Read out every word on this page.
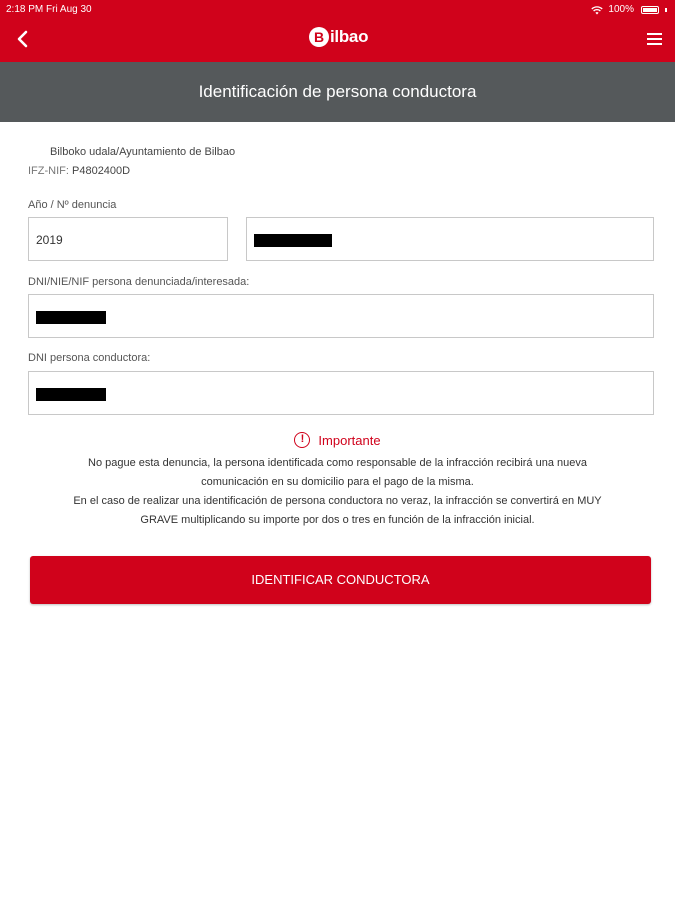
2:18 PM Fri Aug 30	100%
B ilbao
Identificación de persona conductora
Bilboko udala/Ayuntamiento de Bilbao
IFZ-NIF: P4802400D
Año / Nº denuncia
2019
DNI/NIE/NIF persona denunciada/interesada:
DNI persona conductora:
!	Importante
No pague esta denuncia, la persona identificada como responsable de la infracción recibirá una nueva
comunicación en su domicilio para el pago de la misma.
En el caso de realizar una identificación de persona conductora no veraz, la infracción se convertirá en MUY
GRAVE multiplicando su importe por dos o tres en función de la infracción inicial.
IDENTIFICAR CONDUCTORA
